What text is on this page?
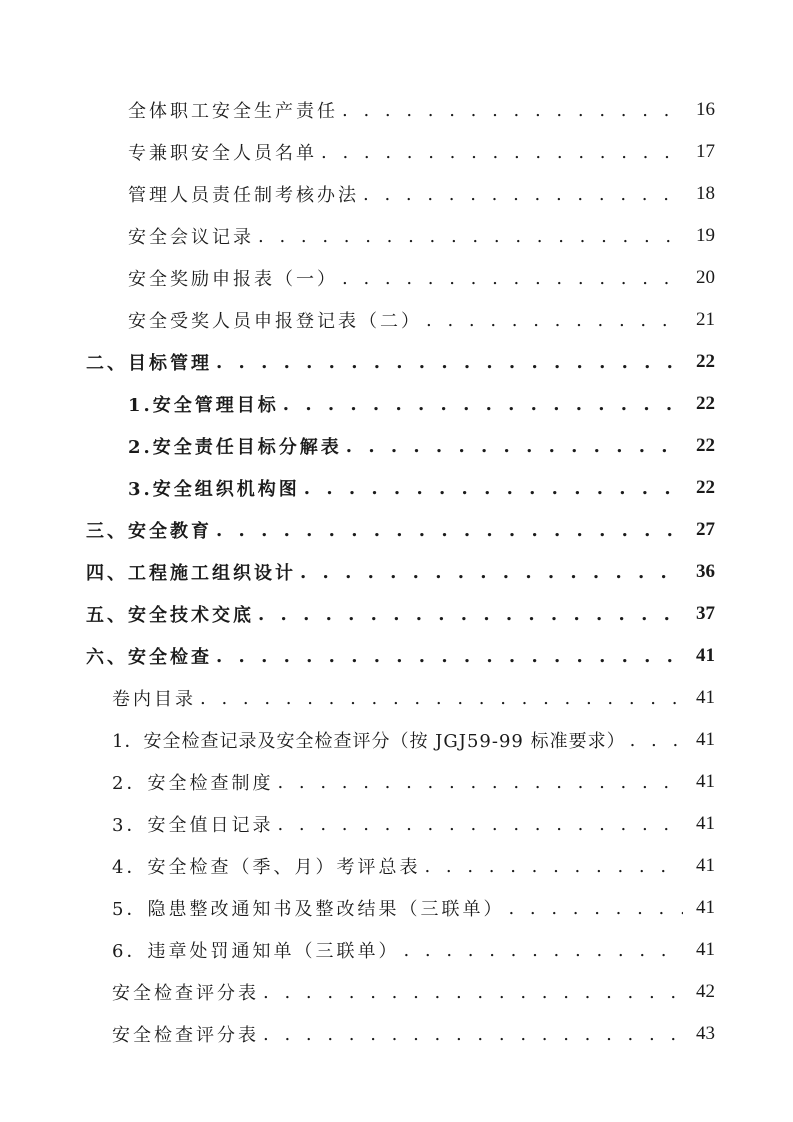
全体职工安全生产责任 . . .	16
专兼职安全人员名单 . . .	17
管理人员责任制考核办法 . . .	18
安全会议记录 . . .	19
安全奖励申报表（一） . . .	20
安全受奖人员申报登记表（二） . . .	21
二、目标管理 . . .	22
1.安全管理目标 . . .	22
2.安全责任目标分解表 . . .	22
3.安全组织机构图 . . .	22
三、安全教育 . . .	27
四、工程施工组织设计 . . .	36
五、安全技术交底 . . .	37
六、安全检查 . . .	41
卷内目录 . . .	41
1．安全检查记录及安全检查评分（按 JGJ59-99 标准要求） . . .	41
2．安全检查制度 . . .	41
3．安全值日记录 . . .	41
4．安全检查（季、月）考评总表 . . .	41
5．隐患整改通知书及整改结果（三联单） . . .	41
6．违章处罚通知单（三联单） . . .	41
安全检查评分表 . . .	42
安全检查评分表 . . .	43
